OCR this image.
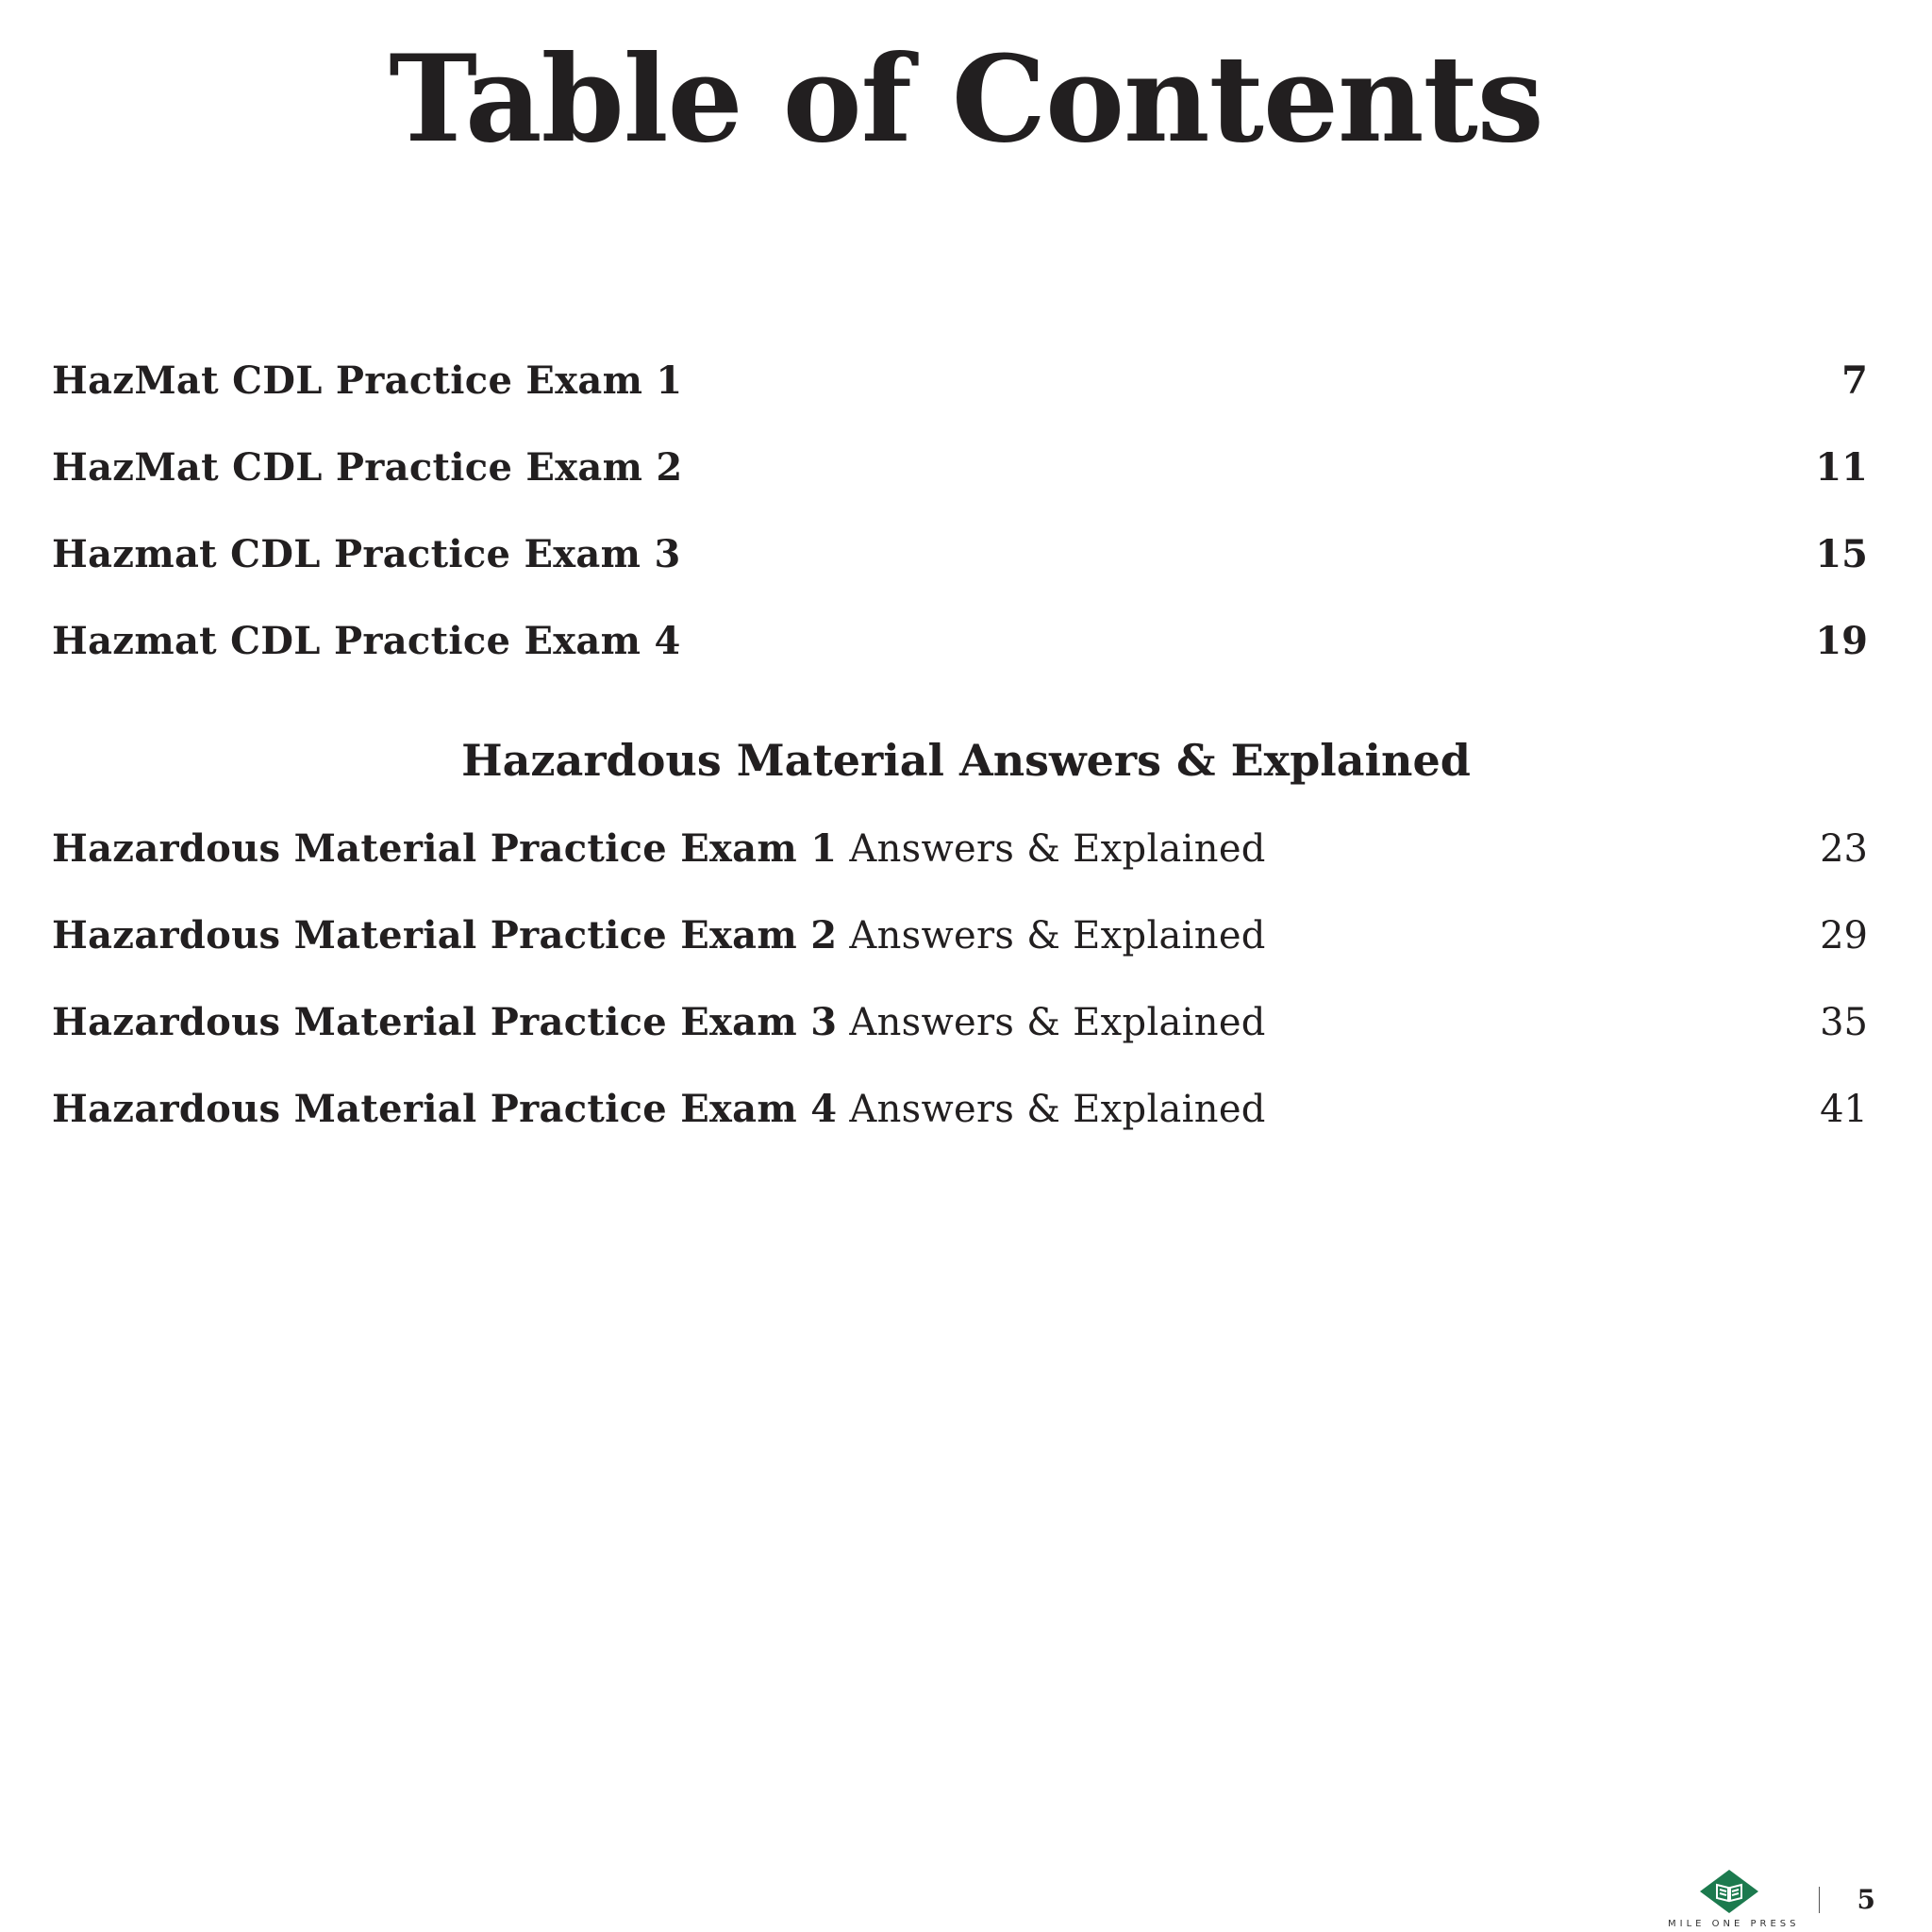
Table of Contents
HazMat CDL Practice Exam 1	7
HazMat CDL Practice Exam 2	11
Hazmat CDL Practice Exam 3	15
Hazmat CDL Practice Exam 4	19
Hazardous Material Answers & Explained
Hazardous Material Practice Exam 1 Answers & Explained	23
Hazardous Material Practice Exam 2 Answers & Explained	29
Hazardous Material Practice Exam 3 Answers & Explained	35
Hazardous Material Practice Exam 4 Answers & Explained	41
MILE ONE PRESS
5
